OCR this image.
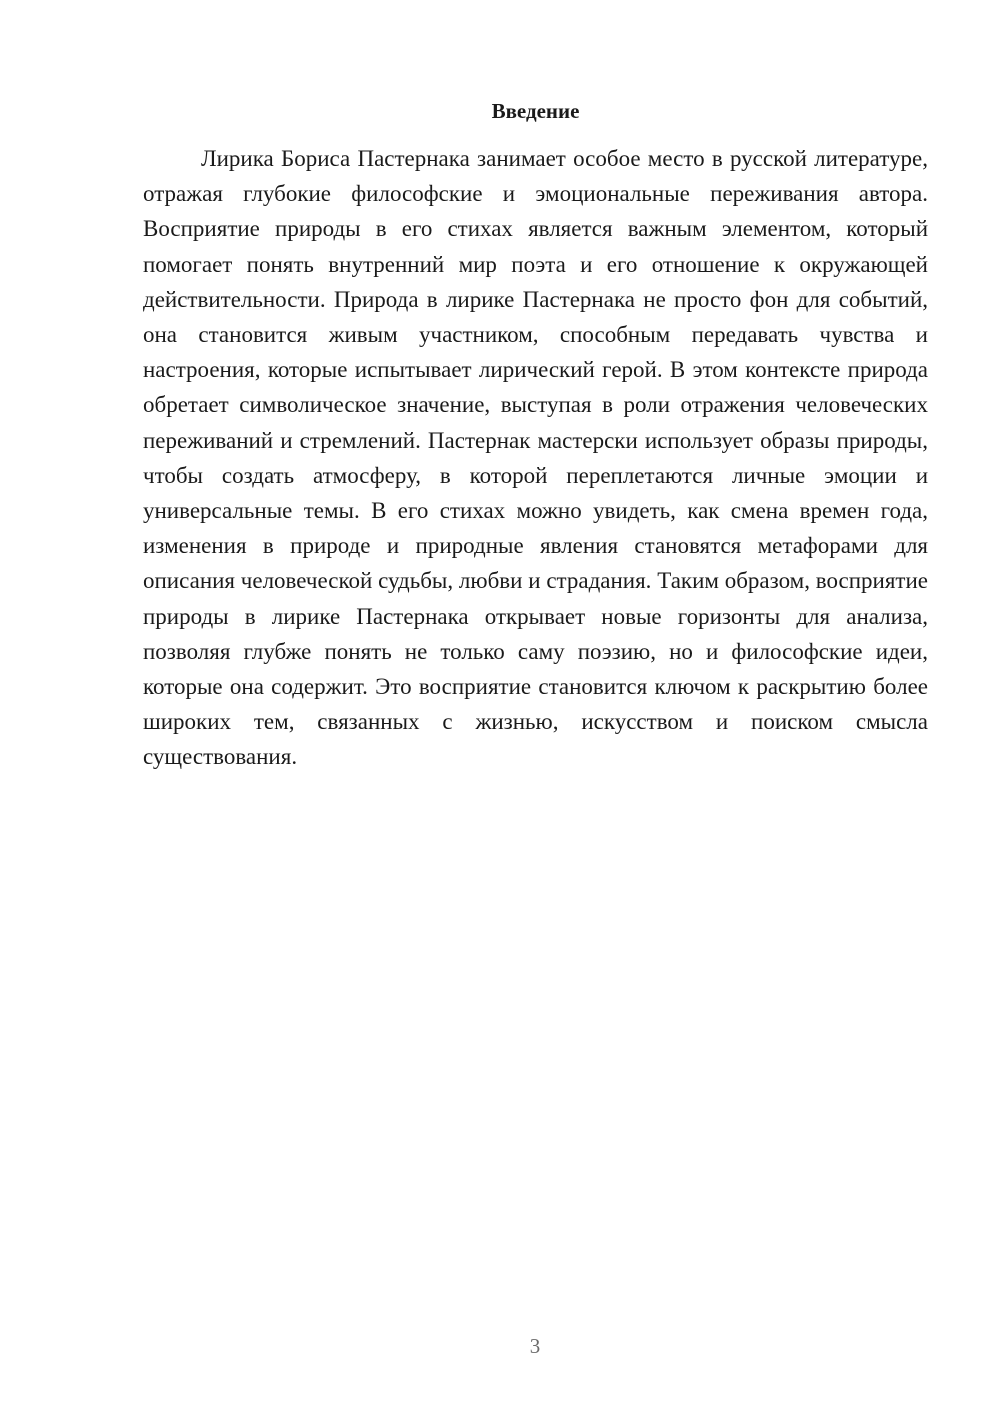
Введение

Лирика Бориса Пастернака занимает особое место в русской литературе, отражая глубокие философские и эмоциональные переживания автора. Восприятие природы в его стихах является важным элементом, который помогает понять внутренний мир поэта и его отношение к окружающей действительности. Природа в лирике Пастернака не просто фон для событий, она становится живым участником, способным передавать чувства и настроения, которые испытывает лирический герой. В этом контексте природа обретает символическое значение, выступая в роли отражения человеческих переживаний и стремлений. Пастернак мастерски использует образы природы, чтобы создать атмосферу, в которой переплетаются личные эмоции и универсальные темы. В его стихах можно увидеть, как смена времен года, изменения в природе и природные явления становятся метафорами для описания человеческой судьбы, любви и страдания. Таким образом, восприятие природы в лирике Пастернака открывает новые горизонты для анализа, позволяя глубже понять не только саму поэзию, но и философские идеи, которые она содержит. Это восприятие становится ключом к раскрытию более широких тем, связанных с жизнью, искусством и поиском смысла существования.

3
